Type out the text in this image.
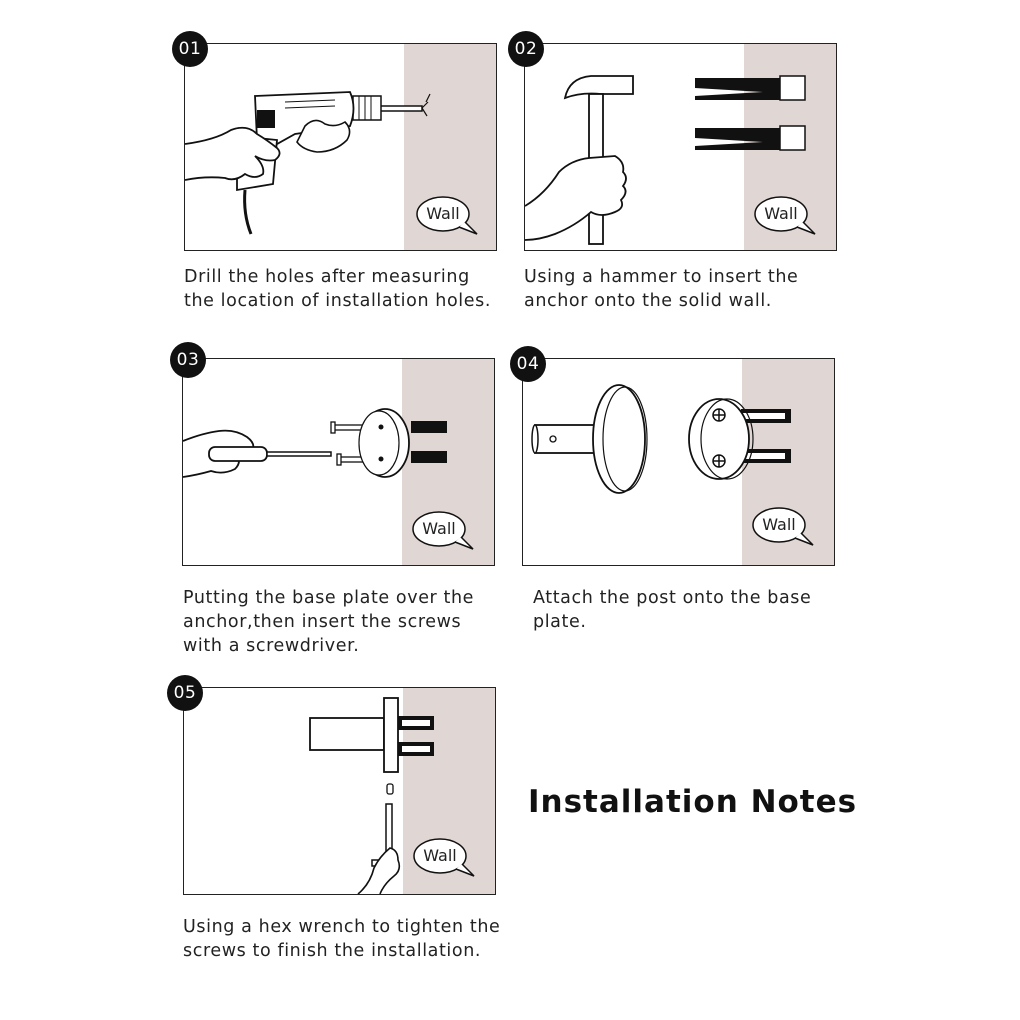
Wall
01

Drill the holes after measuring
the location of installation holes.

Wall
02

Using a hammer to insert the
anchor onto the solid wall.

Wall
03

Putting the base plate over the
anchor,then insert the screws
with a screwdriver.

Wall
04

Attach the post onto the base
plate.

Wall
05

Using a hex wrench to tighten the
screws to finish the installation.

Installation Notes
